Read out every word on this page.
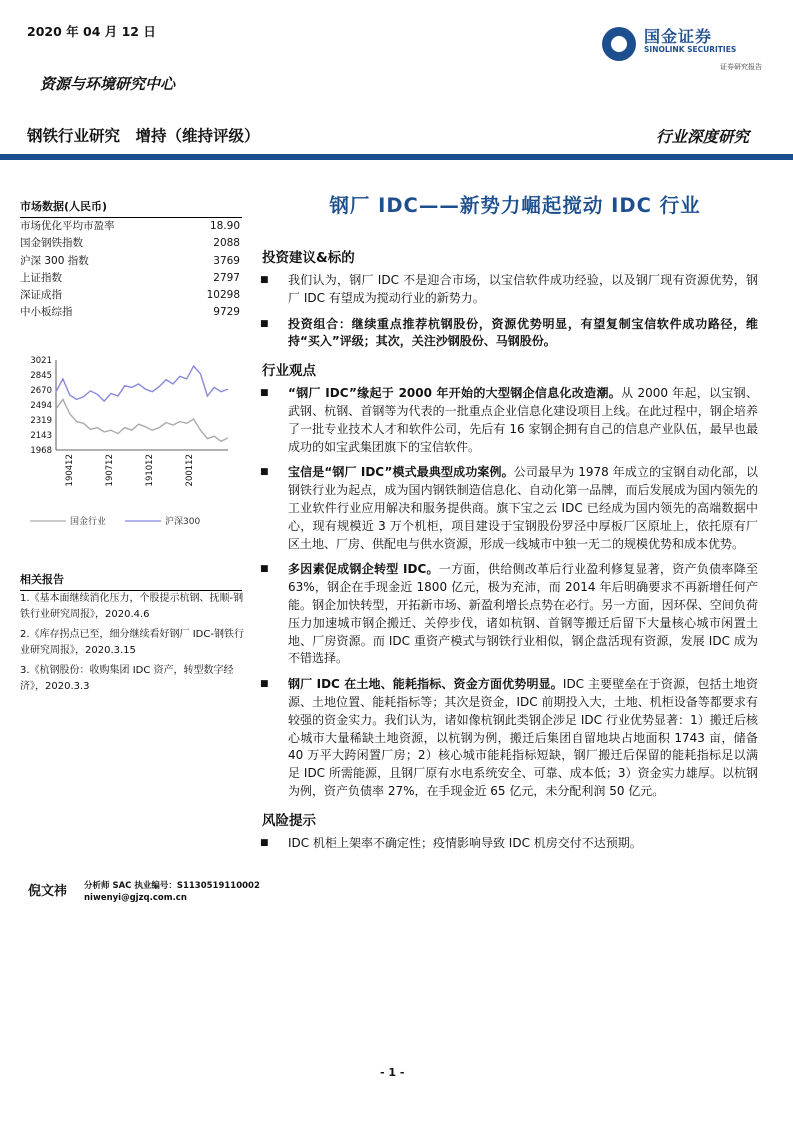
2020 年 04 月 12 日	国金证券
SINOLINK SECURITIES
证券研究报告
资源与环境研究中心
钢铁行业研究　增持（维持评级）	行业深度研究
市场数据(人民币)
市场优化平均市盈率	18.90
国金钢铁指数	2088
沪深 300 指数	3769
上证指数	2797
深证成指	10298
中小板综指	9729
3021
2845
2670
2494
2319
2143
1968
190412	190712	191012	200112
国金行业	沪深300
相关报告
1.《基本面继续消化压力，个股提示杭钢、抚顺-钢铁行业研究周报》，2020.4.6
2.《库存拐点已至，细分继续看好钢厂 IDC-钢铁行业研究周报》，2020.3.15
3.《杭钢股份：收购集团 IDC 资产，转型数字经济》，2020.3.3
倪文祎 分析师 SAC 执业编号：S1130519110002
niwenyi@gjzq.com.cn
钢厂 IDC——新势力崛起搅动 IDC 行业
投资建议&标的
■ 我们认为，钢厂 IDC 不是迎合市场，以宝信软件成功经验，以及钢厂现有资源优势，钢厂 IDC 有望成为搅动行业的新势力。
■ 投资组合：继续重点推荐杭钢股份，资源优势明显，有望复制宝信软件成功路径，维持“买入”评级；其次，关注沙钢股份、马钢股份。
行业观点
■ “钢厂 IDC”缘起于 2000 年开始的大型钢企信息化改造潮。从 2000 年起，以宝钢、武钢、杭钢、首钢等为代表的一批重点企业信息化建设项目上线。在此过程中，钢企培养了一批专业技术人才和软件公司，先后有 16 家钢企拥有自己的信息产业队伍，最早也最成功的如宝武集团旗下的宝信软件。
■ 宝信是“钢厂 IDC”模式最典型成功案例。公司最早为 1978 年成立的宝钢自动化部，以钢铁行业为起点，成为国内钢铁制造信息化、自动化第一品牌，而后发展成为国内领先的工业软件行业应用解决和服务提供商。旗下宝之云 IDC 已经成为国内领先的高端数据中心，现有规模近 3 万个机柜，项目建设于宝钢股份罗泾中厚板厂区原址上，依托原有厂区土地、厂房、供配电与供水资源，形成一线城市中独一无二的规模优势和成本优势。
■ 多因素促成钢企转型 IDC。一方面，供给侧改革后行业盈利修复显著，资产负债率降至 63%，钢企在手现金近 1800 亿元，极为充沛，而 2014 年后明确要求不再新增任何产能。钢企加快转型，开拓新市场、新盈利增长点势在必行。另一方面，因环保、空间负荷压力加速城市钢企搬迁、关停步伐，诸如杭钢、首钢等搬迁后留下大量核心城市闲置土地、厂房资源。而 IDC 重资产模式与钢铁行业相似，钢企盘活现有资源，发展 IDC 成为不错选择。
■ 钢厂 IDC 在土地、能耗指标、资金方面优势明显。IDC 主要壁垒在于资源，包括土地资源、土地位置、能耗指标等；其次是资金，IDC 前期投入大，土地、机柜设备等都要求有较强的资金实力。我们认为，诸如像杭钢此类钢企涉足 IDC 行业优势显著：1）搬迁后核心城市大量稀缺土地资源，以杭钢为例，搬迁后集团自留地块占地面积 1743 亩，储备 40 万平大跨闲置厂房；2）核心城市能耗指标短缺，钢厂搬迁后保留的能耗指标足以满足 IDC 所需能源，且钢厂原有水电系统安全、可靠、成本低；3）资金实力雄厚。以杭钢为例，资产负债率 27%，在手现金近 65 亿元，未分配利润 50 亿元。
风险提示
■ IDC 机柜上架率不确定性；疫情影响导致 IDC 机房交付不达预期。
- 1 -
